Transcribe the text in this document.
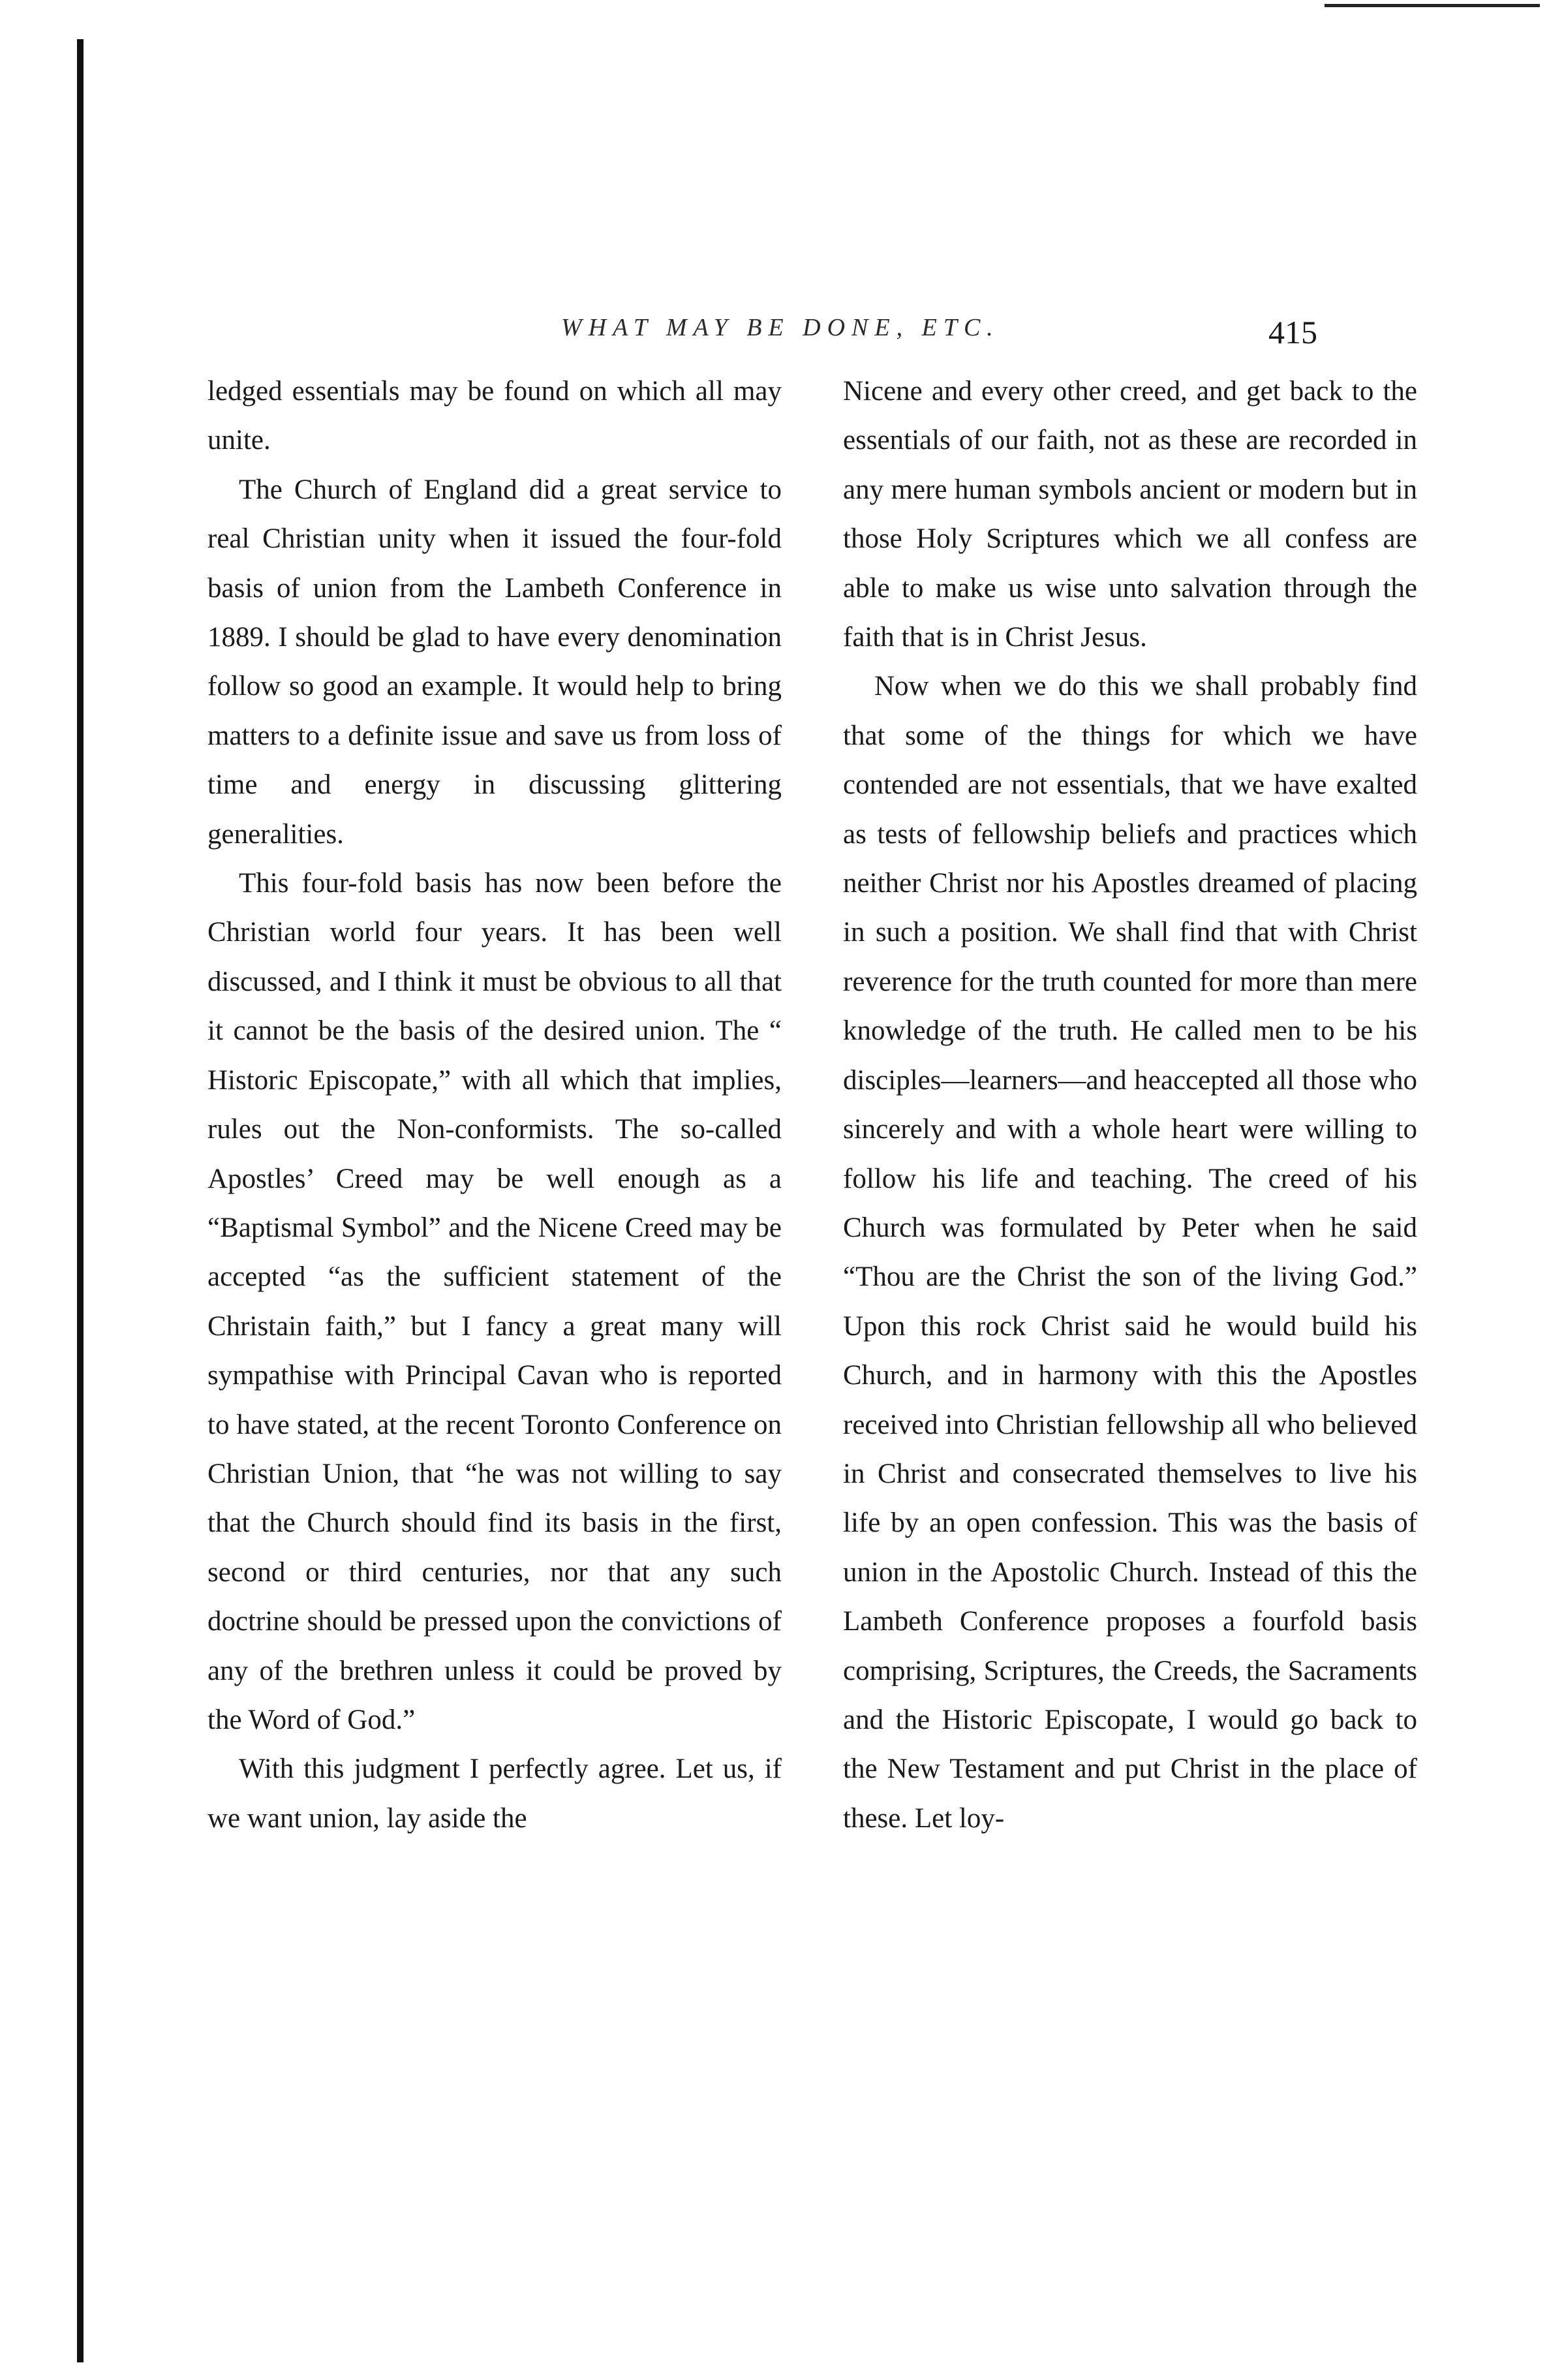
WHAT MAY BE DONE, ETC.	415

ledged essentials may be found on which all may unite.

The Church of England did a great service to real Christian unity when it issued the four-fold basis of union from the Lambeth Conference in 1889. I should be glad to have every denomination follow so good an example. It would help to bring matters to a definite issue and save us from loss of time and energy in discussing glittering generalities.

This four-fold basis has now been before the Christian world four years. It has been well discussed, and I think it must be obvious to all that it cannot be the basis of the desired union. The “ Historic Episcopate,” with all which that implies, rules out the Non-conformists. The so-called Apostles’ Creed may be well enough as a “Baptismal Symbol” and the Nicene Creed may be accepted “as the sufficient statement of the Christain faith,” but I fancy a great many will sympathise with Principal Cavan who is reported to have stated, at the recent Toronto Conference on Christian Union, that “he was not willing to say that the Church should find its basis in the first, second or third centuries, nor that any such doctrine should be pressed upon the convictions of any of the brethren unless it could be proved by the Word of God.”

With this judgment I perfectly agree. Let us, if we want union, lay aside the

Nicene and every other creed, and get back to the essentials of our faith, not as these are recorded in any mere human symbols ancient or modern but in those Holy Scriptures which we all confess are able to make us wise unto salvation through the faith that is in Christ Jesus.

Now when we do this we shall probably find that some of the things for which we have contended are not essentials, that we have exalted as tests of fellowship beliefs and practices which neither Christ nor his Apostles dreamed of placing in such a position. We shall find that with Christ reverence for the truth counted for more than mere knowledge of the truth. He called men to be his disciples—learners—and heaccepted all those who sincerely and with a whole heart were willing to follow his life and teaching. The creed of his Church was formulated by Peter when he said “Thou are the Christ the son of the living God.” Upon this rock Christ said he would build his Church, and in harmony with this the Apostles received into Christian fellowship all who believed in Christ and consecrated themselves to live his life by an open confession. This was the basis of union in the Apostolic Church. Instead of this the Lambeth Conference proposes a fourfold basis comprising, Scriptures, the Creeds, the Sacraments and the Historic Episcopate, I would go back to the New Testament and put Christ in the place of these. Let loy-
